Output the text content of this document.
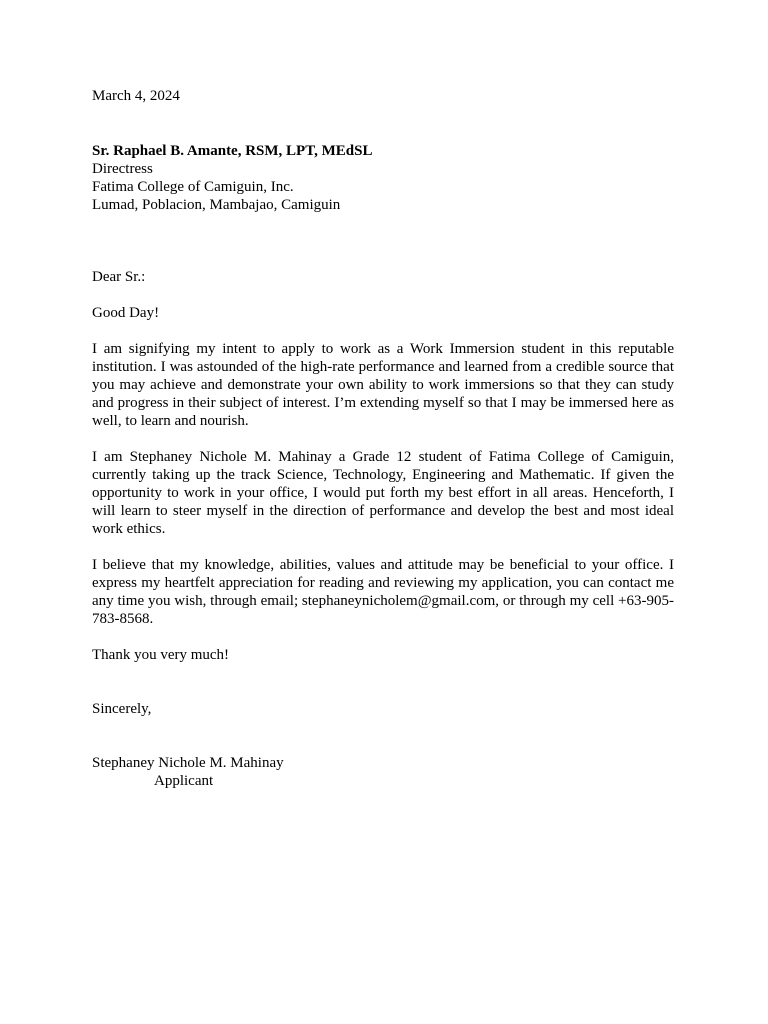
March 4, 2024
Sr. Raphael B. Amante, RSM, LPT, MEdSL
Directress
Fatima College of Camiguin, Inc.
Lumad, Poblacion, Mambajao, Camiguin
Dear Sr.:
Good Day!

I am signifying my intent to apply to work as a Work Immersion student in this reputable institution. I was astounded of the high-rate performance and learned from a credible source that you may achieve and demonstrate your own ability to work immersions so that they can study and progress in their subject of interest. I’m extending myself so that I may be immersed here as well, to learn and nourish.

I am Stephaney Nichole M. Mahinay a Grade 12 student of Fatima College of Camiguin, currently taking up the track Science, Technology, Engineering and Mathematic. If given the opportunity to work in your office, I would put forth my best effort in all areas. Henceforth, I will learn to steer myself in the direction of performance and develop the best and most ideal work ethics.

I believe that my knowledge, abilities, values and attitude may be beneficial to your office. I express my heartfelt appreciation for reading and reviewing my application, you can contact me any time you wish, through email; stephaneynicholem@gmail.com, or through my cell +63-905-783-8568.

Thank you very much!
Sincerely,
Stephaney Nichole M. Mahinay
Applicant
